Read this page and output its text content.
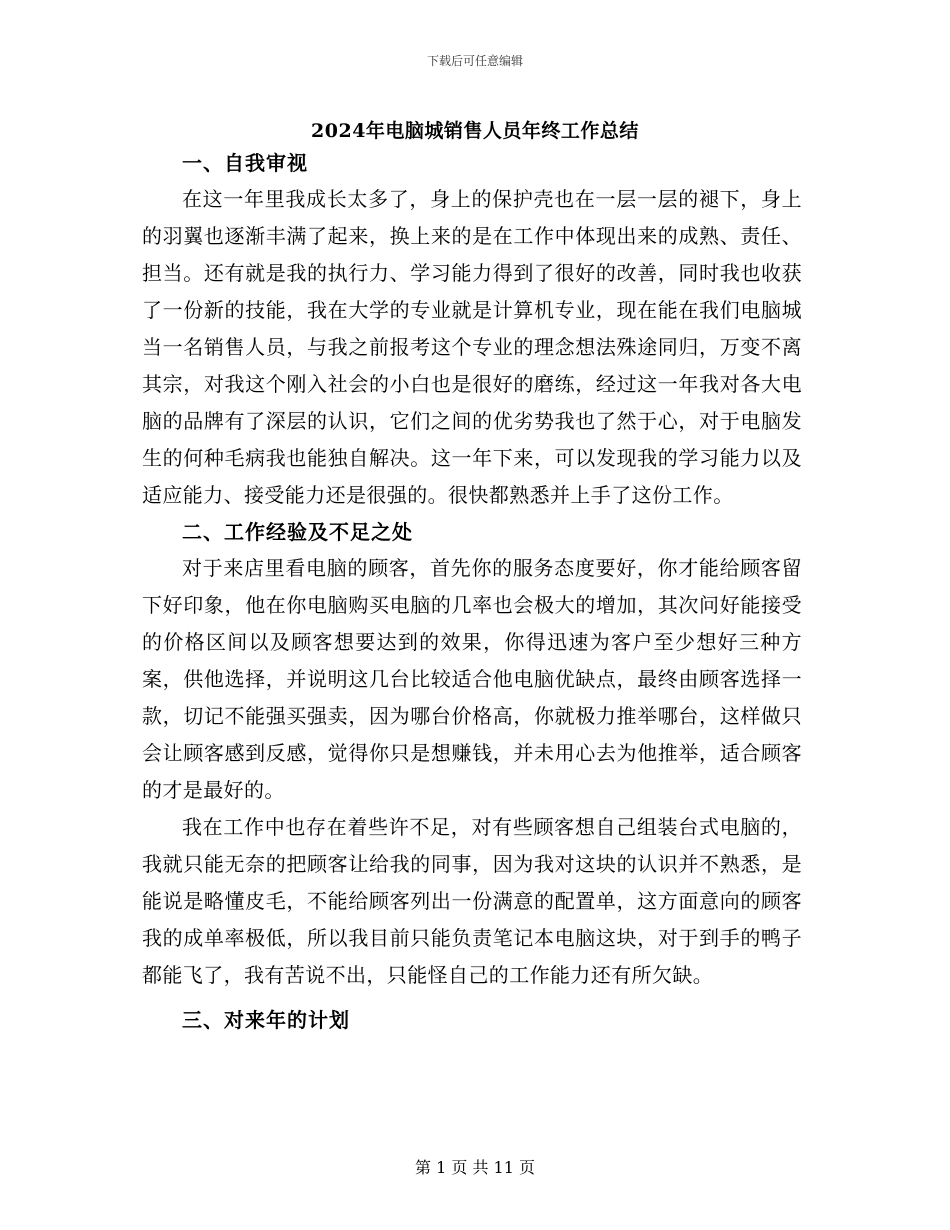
下载后可任意编辑
2024年电脑城销售人员年终工作总结
一、自我审视

在这一年里我成长太多了，身上的保护壳也在一层一层的褪下，身上的羽翼也逐渐丰满了起来，换上来的是在工作中体现出来的成熟、责任、担当。还有就是我的执行力、学习能力得到了很好的改善，同时我也收获了一份新的技能，我在大学的专业就是计算机专业，现在能在我们电脑城当一名销售人员，与我之前报考这个专业的理念想法殊途同归，万变不离其宗，对我这个刚入社会的小白也是很好的磨练，经过这一年我对各大电脑的品牌有了深层的认识，它们之间的优劣势我也了然于心，对于电脑发生的何种毛病我也能独自解决。这一年下来，可以发现我的学习能力以及适应能力、接受能力还是很强的。很快都熟悉并上手了这份工作。

二、工作经验及不足之处

对于来店里看电脑的顾客，首先你的服务态度要好，你才能给顾客留下好印象，他在你电脑购买电脑的几率也会极大的增加，其次问好能接受的价格区间以及顾客想要达到的效果，你得迅速为客户至少想好三种方案，供他选择，并说明这几台比较适合他电脑优缺点，最终由顾客选择一款，切记不能强买强卖，因为哪台价格高，你就极力推举哪台，这样做只会让顾客感到反感，觉得你只是想赚钱，并未用心去为他推举，适合顾客的才是最好的。

我在工作中也存在着些许不足，对有些顾客想自己组装台式电脑的，我就只能无奈的把顾客让给我的同事，因为我对这块的认识并不熟悉，是能说是略懂皮毛，不能给顾客列出一份满意的配置单，这方面意向的顾客我的成单率极低，所以我目前只能负责笔记本电脑这块，对于到手的鸭子都能飞了，我有苦说不出，只能怪自己的工作能力还有所欠缺。

三、对来年的计划
第 1 页 共 11 页
